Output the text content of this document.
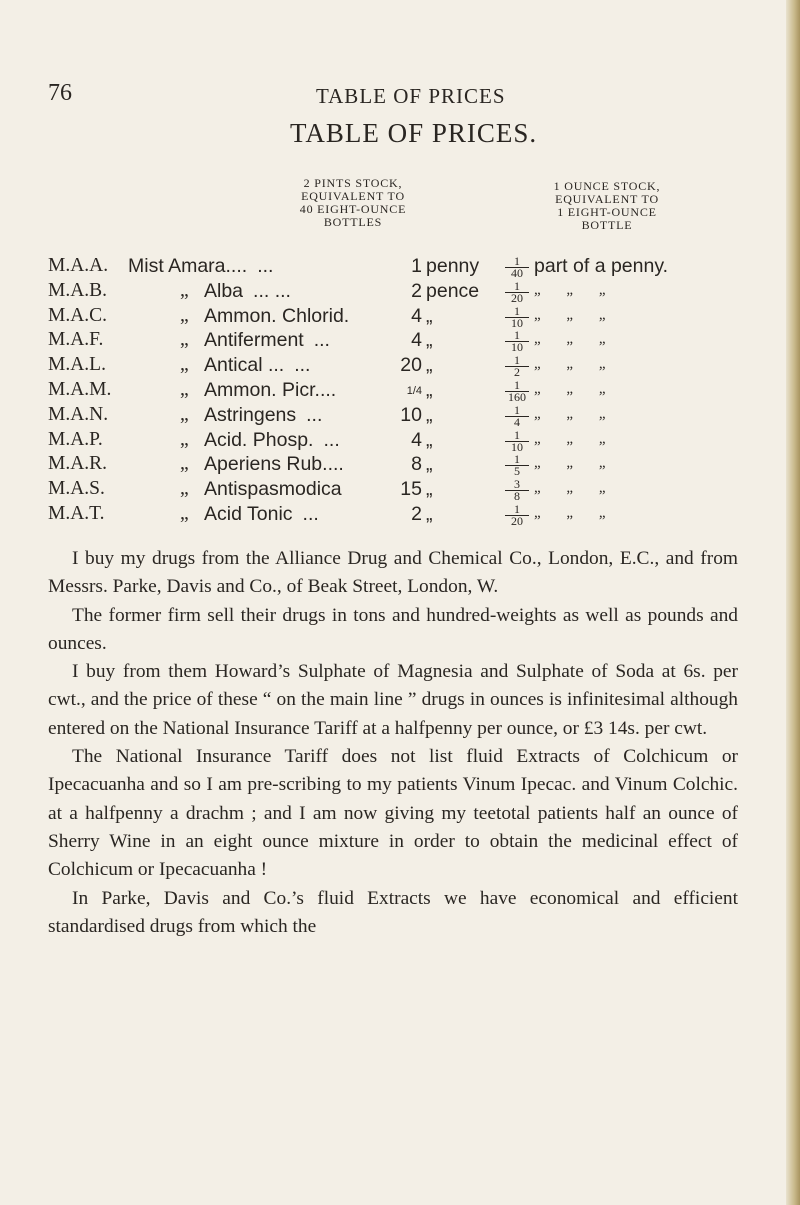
76	TABLE OF PRICES
TABLE OF PRICES.
2 PINTS STOCK,
EQUIVALENT TO
40 EIGHT-OUNCE
BOTTLES
1 OUNCE STOCK,
EQUIVALENT TO
1 EIGHT-OUNCE
BOTTLE
M.A.A. Mist Amara.... ...	1 penny $\frac{1}{40}$ part of a penny.
M.A.B.	„ Alba ... ...	2 pence $\frac{1}{20}$ „ „ „
M.A.C.	„ Ammon. Chlorid.	4 „	$\frac{1}{10}$ „ „ „
M.A.F.	„ Antiferment ...	4 „	$\frac{1}{10}$ „ „ „
M.A.L.	„ Antical ... ...	20 „	$\frac{1}{2}$ „ „ „
M.A.M.	„ Ammon. Picr....	1/4 „	$\frac{1}{160}$ „ „ „
M.A.N.	„ Astringens ...	10 „	$\frac{1}{4}$ „ „ „
M.A.P.	„ Acid. Phosp. ...	4 „	$\frac{1}{10}$ „ „ „
M.A.R.	„ Aperiens Rub....	8 „	$\frac{1}{5}$ „ „ „
M.A.S.	„ Antispasmodica	15 „	$\frac{3}{8}$ „ „ „
M.A.T.	„ Acid Tonic ...	2 „	$\frac{1}{20}$ „ „ „

I buy my drugs from the Alliance Drug and Chemical Co., London, E.C., and from Messrs. Parke, Davis and Co., of Beak Street, London, W.

The former firm sell their drugs in tons and hundred-weights as well as pounds and ounces.

I buy from them Howard’s Sulphate of Magnesia and Sulphate of Soda at 6s. per cwt., and the price of these “ on the main line ” drugs in ounces is infinitesimal although entered on the National Insurance Tariff at a halfpenny per ounce, or £3 14s. per cwt.

The National Insurance Tariff does not list fluid Extracts of Colchicum or Ipecacuanha and so I am pre-scribing to my patients Vinum Ipecac. and Vinum Colchic. at a halfpenny a drachm ; and I am now giving my teetotal patients half an ounce of Sherry Wine in an eight ounce mixture in order to obtain the medicinal effect of Colchicum or Ipecacuanha !

In Parke, Davis and Co.’s fluid Extracts we have economical and efficient standardised drugs from which the
